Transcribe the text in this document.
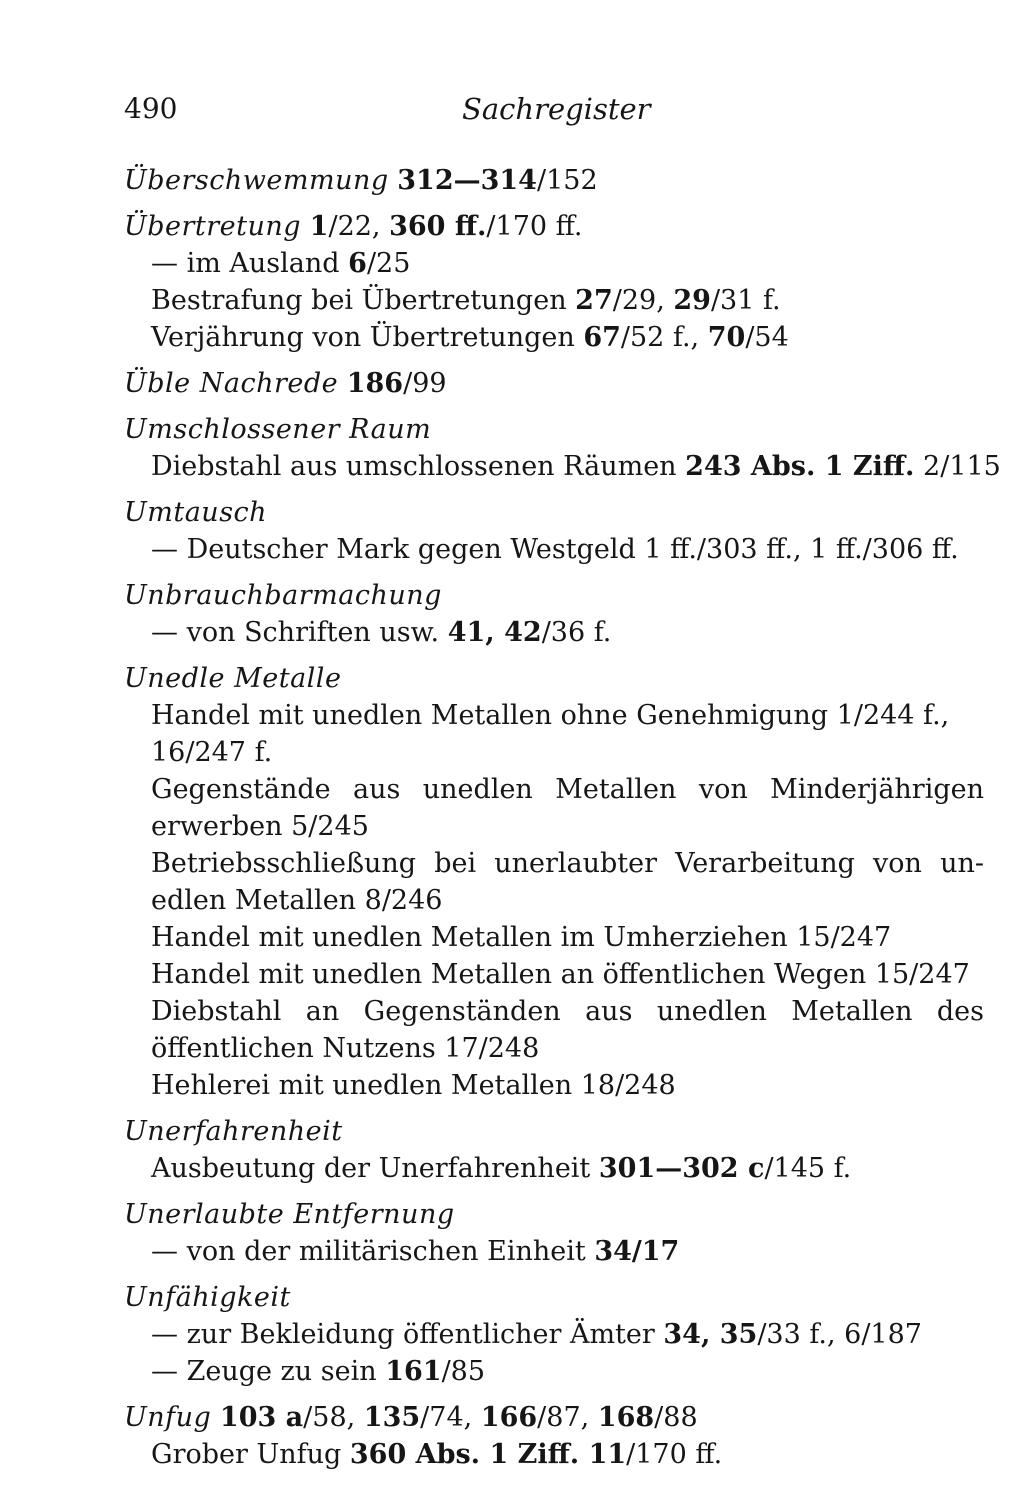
490	Sachregister
Überschwemmung 312—314/152
Übertretung 1/22, 360 ff./170 ff.
— im Ausland 6/25
Bestrafung bei Übertretungen 27/29, 29/31 f.
Verjährung von Übertretungen 67/52 f., 70/54
Üble Nachrede 186/99
Umschlossener Raum
Diebstahl aus umschlossenen Räumen 243 Abs. 1 Ziff. 2/115
Umtausch
— Deutscher Mark gegen Westgeld 1 ff./303 ff., 1 ff./306 ff.
Unbrauchbarmachung
— von Schriften usw. 41, 42/36 f.
Unedle Metalle
Handel mit unedlen Metallen ohne Genehmigung 1/244 f.,
16/247 f.
Gegenstände aus unedlen Metallen von Minderjährigen
erwerben 5/245
Betriebsschließung bei unerlaubter Verarbeitung von un-
edlen Metallen 8/246
Handel mit unedlen Metallen im Umherziehen 15/247
Handel mit unedlen Metallen an öffentlichen Wegen 15/247
Diebstahl an Gegenständen aus unedlen Metallen des
öffentlichen Nutzens 17/248
Hehlerei mit unedlen Metallen 18/248
Unerfahrenheit
Ausbeutung der Unerfahrenheit 301—302 c/145 f.
Unerlaubte Entfernung
— von der militärischen Einheit 34/17
Unfähigkeit
— zur Bekleidung öffentlicher Ämter 34, 35/33 f., 6/187
— Zeuge zu sein 161/85
Unfug 103 a/58, 135/74, 166/87, 168/88
Grober Unfug 360 Abs. 1 Ziff. 11/170 ff.
